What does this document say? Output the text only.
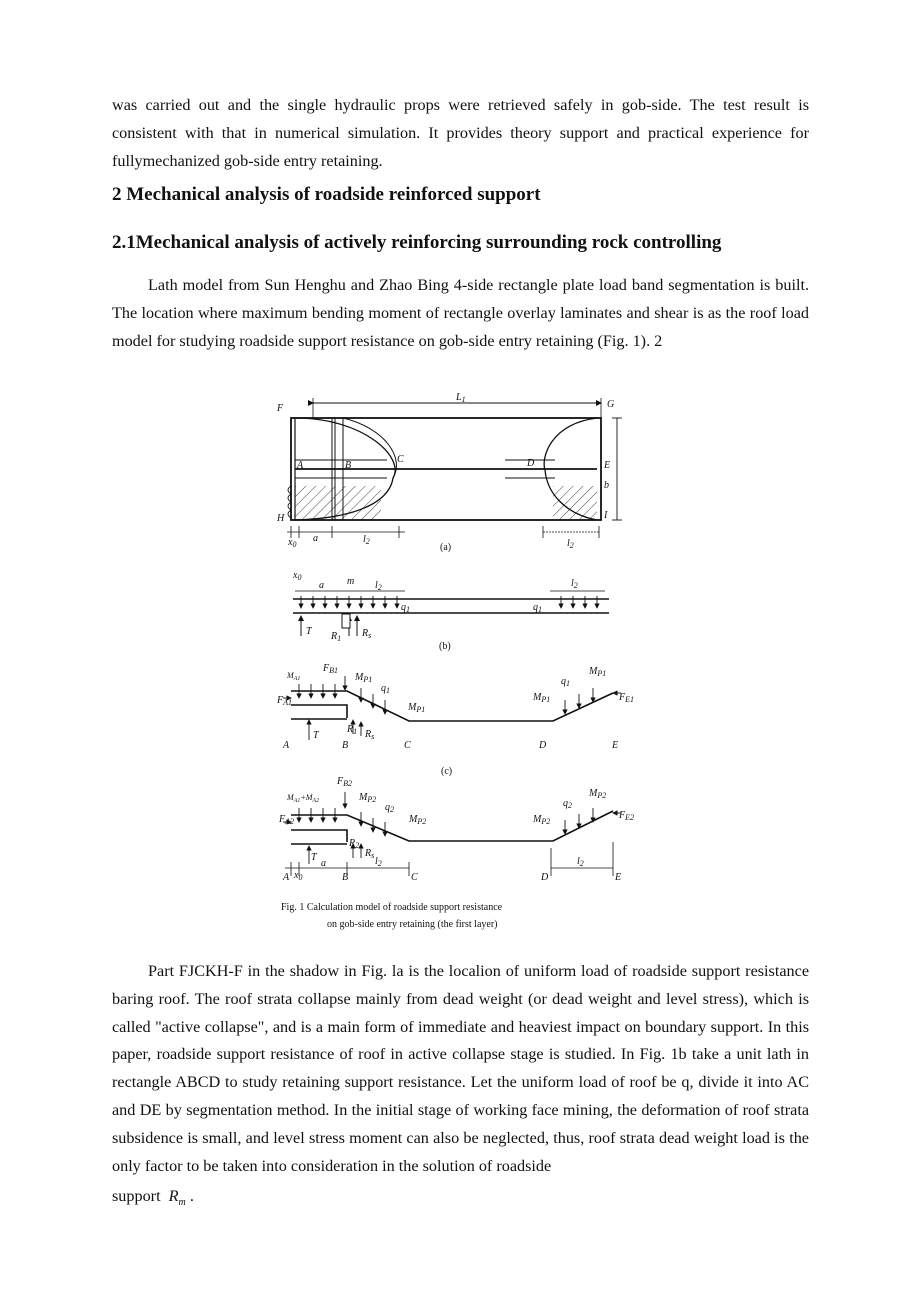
was carried out and the single hydraulic props were retrieved safely in gob-side. The test result is consistent with that in numerical simulation. It provides theory support and practical experience for fullymechanized gob-side entry retaining.

2 Mechanical analysis of roadside reinforced support
2.1Mechanical analysis of actively reinforcing surrounding rock controlling

Lath model from Sun Henghu and Zhao Bing 4-side rectangle plate load band segmentation is built. The location where maximum bending moment of rectangle overlay laminates and shear is as the roof load model for studying roadside support resistance on gob-side entry retaining (Fig. 1). 2

F	G
$L_1$
A	B
C	D	E
b
H	I
$x_0$
a	$l_2$	$l_2$
(a)
$x_0$
a m $l_2$	$l_2$
$q_1$	$q_1$
T $R_1$ $R_s$
(b)
$M_{A1}$
$F_{B1}$
$M_{P1}$
$q_1$
$F_{A1}$	$M_{P1}$
$M_{P1}$
$q_1$
$M_{P1}$
$F_{E1}$
T
$R_1$ $R_s$
A	B	C	D	E
(c)
$M_{A1}+M_{A2}$
$F_{B2}$
$M_{P2}$
$q_2$
$F_{A2}$	$M_{P2}$	$M_{P2}$
$q_2$
$M_{P2}$
$F_{E2}$
$R_2$
$R_s$
T
a	$l_2$	$l_2$
A $x_0$	B	C	D	E
Fig. 1 Calculation model of roadside support resistance
on gob-side entry retaining (the first layer)

Part FJCKH-F in the shadow in Fig. la is the localion of uniform load of roadside support resistance baring roof. The roof strata collapse mainly from dead weight (or dead weight and level stress), which is called "active collapse", and is a main form of immediate and heaviest impact on boundary support. In this paper, roadside support resistance of roof in active collapse stage is studied. In Fig. 1b take a unit lath in rectangle ABCD to study retaining support resistance. Let the uniform load of roof be q, divide it into AC and DE by segmentation method. In the initial stage of working face mining, the deformation of roof strata subsidence is small, and level stress moment can also be neglected, thus, roof strata dead weight load is the only factor to be taken into consideration in the solution of roadside

support $R_m$ .
